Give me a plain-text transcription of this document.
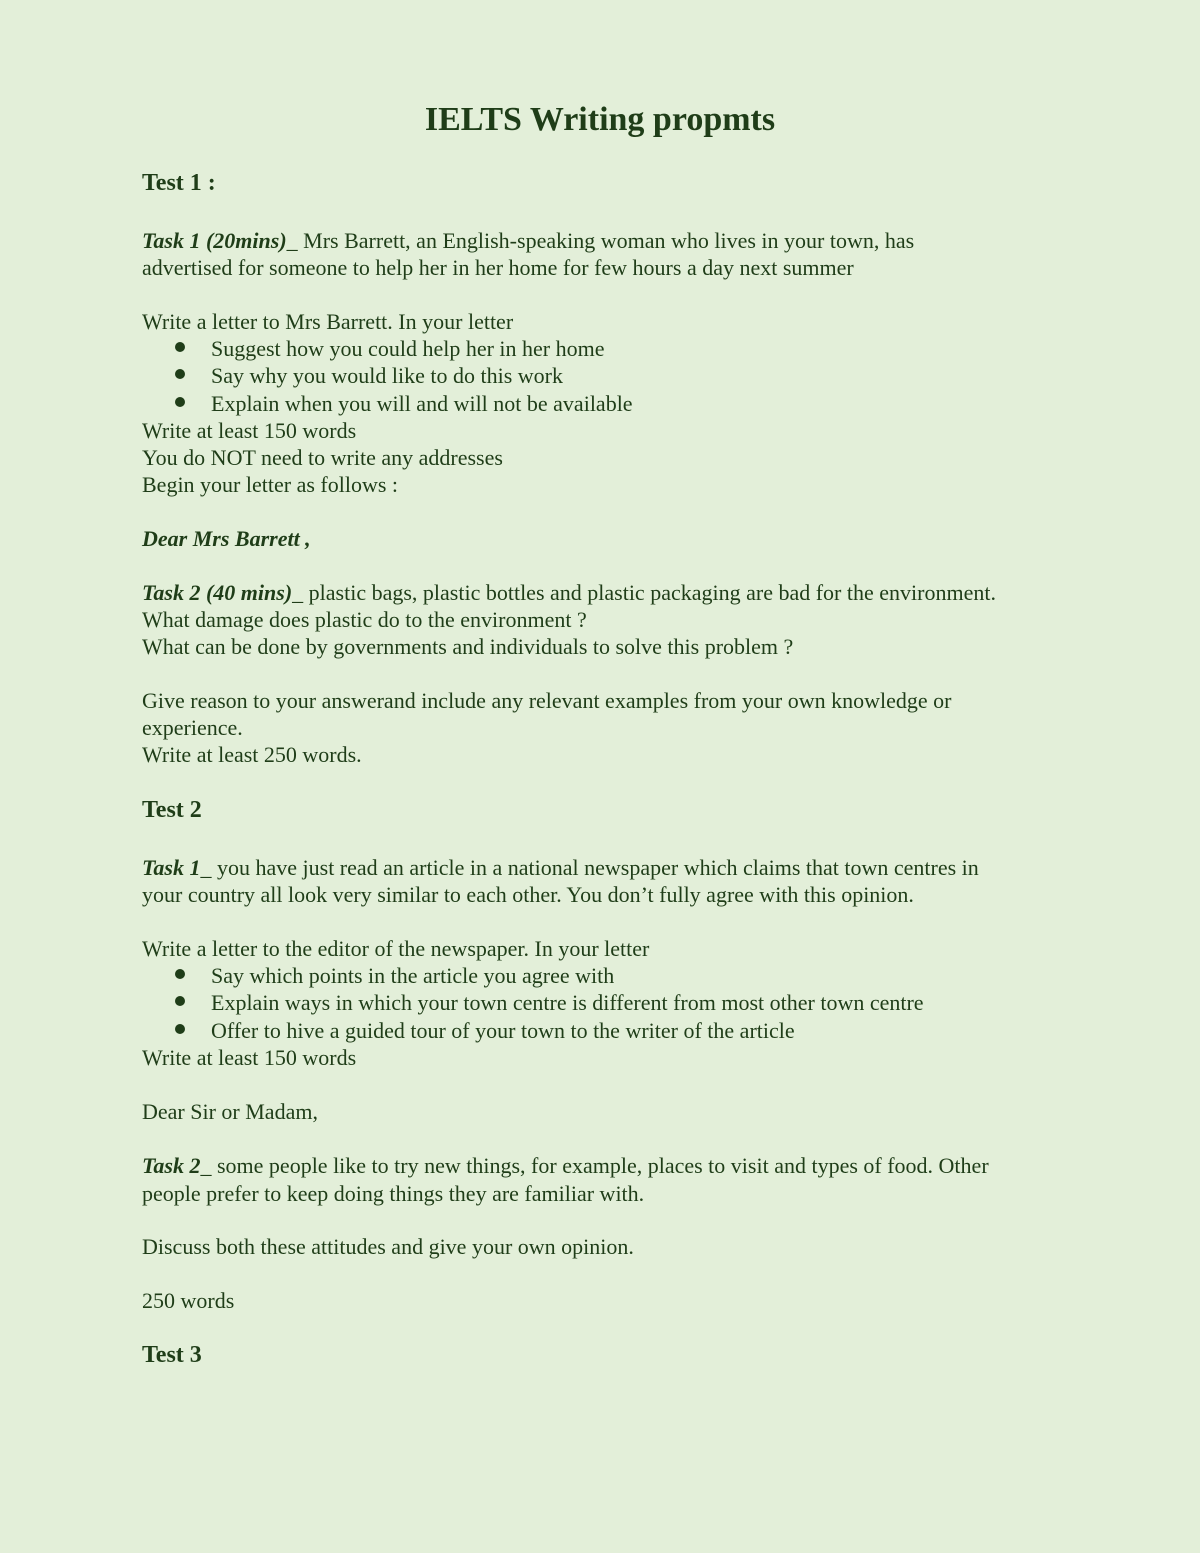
IELTS Writing propmts
Test 1 :
Task 1 (20mins)_ Mrs Barrett, an English-speaking woman who lives in your town, has
advertised for someone to help her in her home for few hours a day next summer
Write a letter to Mrs Barrett. In your letter
Suggest how you could help her in her home
Say why you would like to do this work
Explain when you will and will not be available
Write at least 150 words
You do NOT need to write any addresses
Begin your letter as follows :
Dear Mrs Barrett ,
Task 2 (40 mins)_ plastic bags, plastic bottles and plastic packaging are bad for the environment.
What damage does plastic do to the environment ?
What can be done by governments and individuals to solve this problem ?
Give reason to your answerand include any relevant examples from your own knowledge or
experience.
Write at least 250 words.
Test 2
Task 1_ you have just read an article in a national newspaper which claims that town centres in
your country all look very similar to each other. You don’t fully agree with this opinion.
Write a letter to the editor of the newspaper. In your letter
Say which points in the article you agree with
Explain ways in which your town centre is different from most other town centre
Offer to hive a guided tour of your town to the writer of the article
Write at least 150 words
Dear Sir or Madam,
Task 2_ some people like to try new things, for example, places to visit and types of food. Other
people prefer to keep doing things they are familiar with.
Discuss both these attitudes and give your own opinion.
250 words
Test 3
